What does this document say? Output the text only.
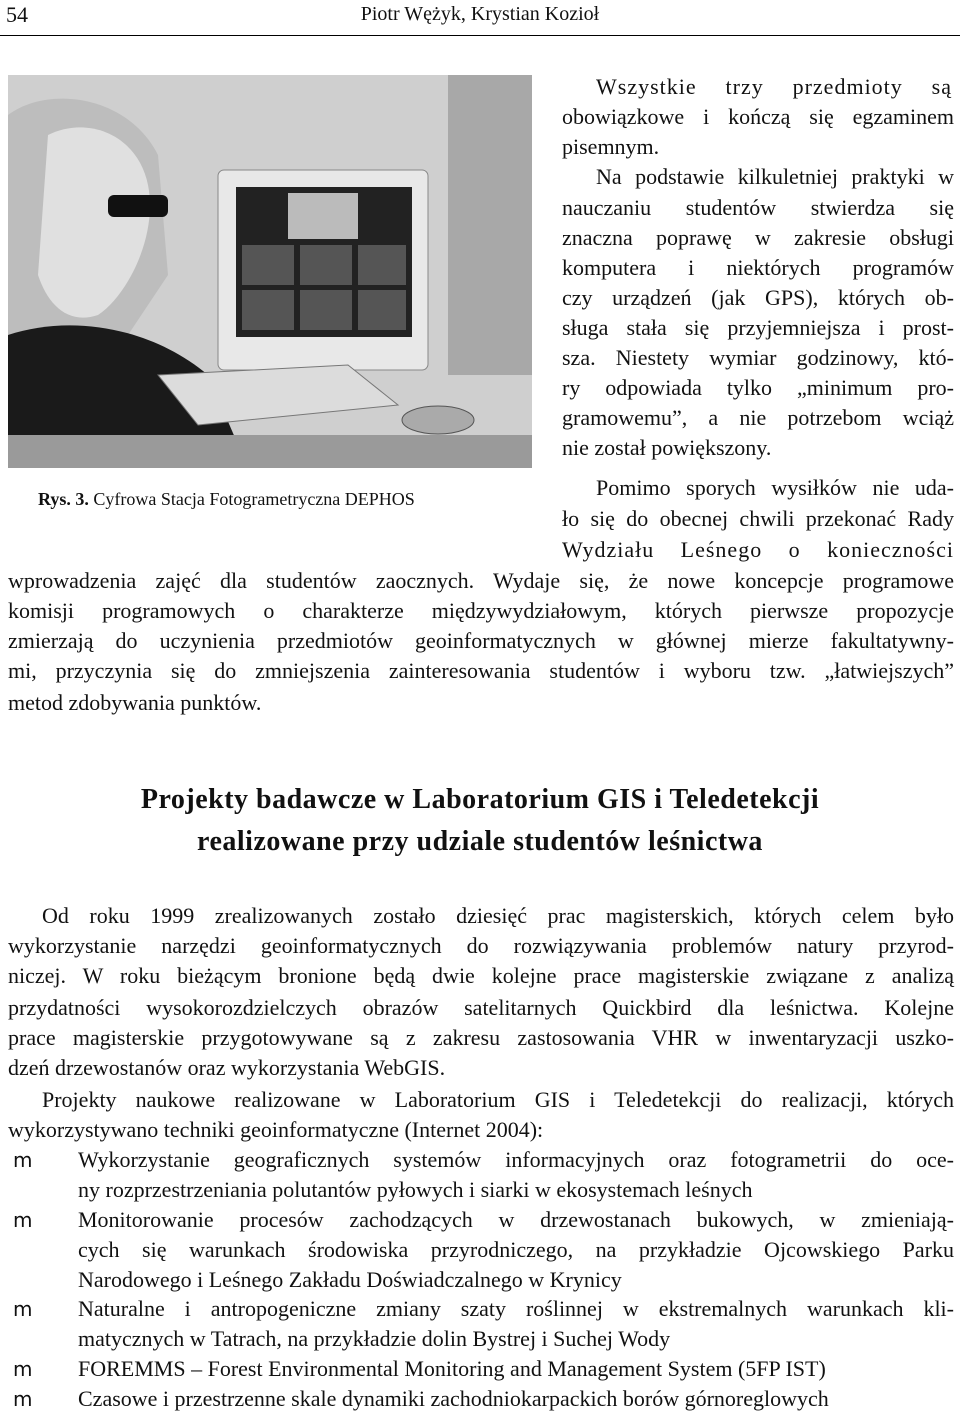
54	Piotr Wężyk, Krystian Kozioł
Rys. 3. Cyfrowa Stacja Fotogrametryczna DEPHOS
Wszystkie trzy przedmioty są
obowiązkowe i kończą się egzaminem
pisemnym.
Na podstawie kilkuletniej praktyki w
nauczaniu studentów stwierdza się
znaczna poprawę w zakresie obsługi
komputera i niektórych programów
czy urządzeń (jak GPS), których ob-
sługa stała się przyjemniejsza i prost-
sza. Niestety wymiar godzinowy, któ-
ry odpowiada tylko „minimum pro-
gramowemu”, a nie potrzebom wciąż
nie został powiększony.
Pomimo sporych wysiłków nie uda-
ło się do obecnej chwili przekonać Rady
Wydziału Leśnego o konieczności
wprowadzenia zajęć dla studentów zaocznych. Wydaje się, że nowe koncepcje programowe
komisji programowych o charakterze międzywydziałowym, których pierwsze propozycje
zmierzają do uczynienia przedmiotów geoinformatycznych w głównej mierze fakultatywny-
mi, przyczynia się do zmniejszenia zainteresowania studentów i wyboru tzw. „łatwiejszych”
metod zdobywania punktów.
Projekty badawcze w Laboratorium GIS i Teledetekcji
realizowane przy udziale studentów leśnictwa
Od roku 1999 zrealizowanych zostało dziesięć prac magisterskich, których celem było
wykorzystanie narzędzi geoinformatycznych do rozwiązywania problemów natury przyrod-
niczej. W roku bieżącym bronione będą dwie kolejne prace magisterskie związane z analizą
przydatności wysokorozdzielczych obrazów satelitarnych Quickbird dla leśnictwa. Kolejne
prace magisterskie przygotowywane są z zakresu zastosowania VHR w inwentaryzacji uszko-
dzeń drzewostanów oraz wykorzystania WebGIS.
Projekty naukowe realizowane w Laboratorium GIS i Teledetekcji do realizacji, których
wykorzystywano techniki geoinformatyczne (Internet 2004):
m Wykorzystanie geograficznych systemów informacyjnych oraz fotogrametrii do oce-
ny rozprzestrzeniania polutantów pyłowych i siarki w ekosystemach leśnych
m Monitorowanie procesów zachodzących w drzewostanach bukowych, w zmieniają-
cych się warunkach środowiska przyrodniczego, na przykładzie Ojcowskiego Parku
Narodowego i Leśnego Zakładu Doświadczalnego w Krynicy
m Naturalne i antropogeniczne zmiany szaty roślinnej w ekstremalnych warunkach kli-
matycznych w Tatrach, na przykładzie dolin Bystrej i Suchej Wody
m FOREMMS – Forest Environmental Monitoring and Management System (5FP IST)
m Czasowe i przestrzenne skale dynamiki zachodniokarpackich borów górnoreglowych
